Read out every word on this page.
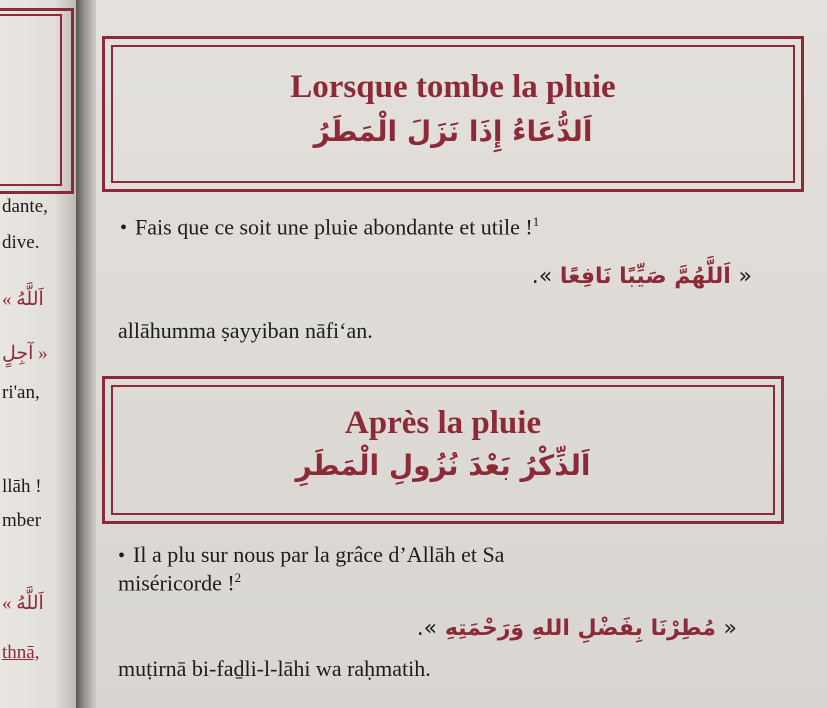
dante,
dive.
« اَللَّهُ
آجِلٍ »
ri'an,
llāh !
mber
« اَللَّهُ
thnā,
Lorsque tombe la pluie
اَلدُّعَاءُ إِذَا نَزَلَ الْمَطَرُ
• Fais que ce soit une pluie abondante et utile !$^1$
« اَللَّهُمَّ صَيِّبًا نَافِعًا ».
allāhumma ṣayyiban nāfi‘an.
Après la pluie
اَلذِّكْرُ بَعْدَ نُزُولِ الْمَطَرِ
• Il a plu sur nous par la grâce d’Allāh et Sa
miséricorde !$^2$
« مُطِرْنَا بِفَضْلِ اللهِ وَرَحْمَتِهِ ».
muṭirnā bi-faḏli-l-lāhi wa raḥmatih.
